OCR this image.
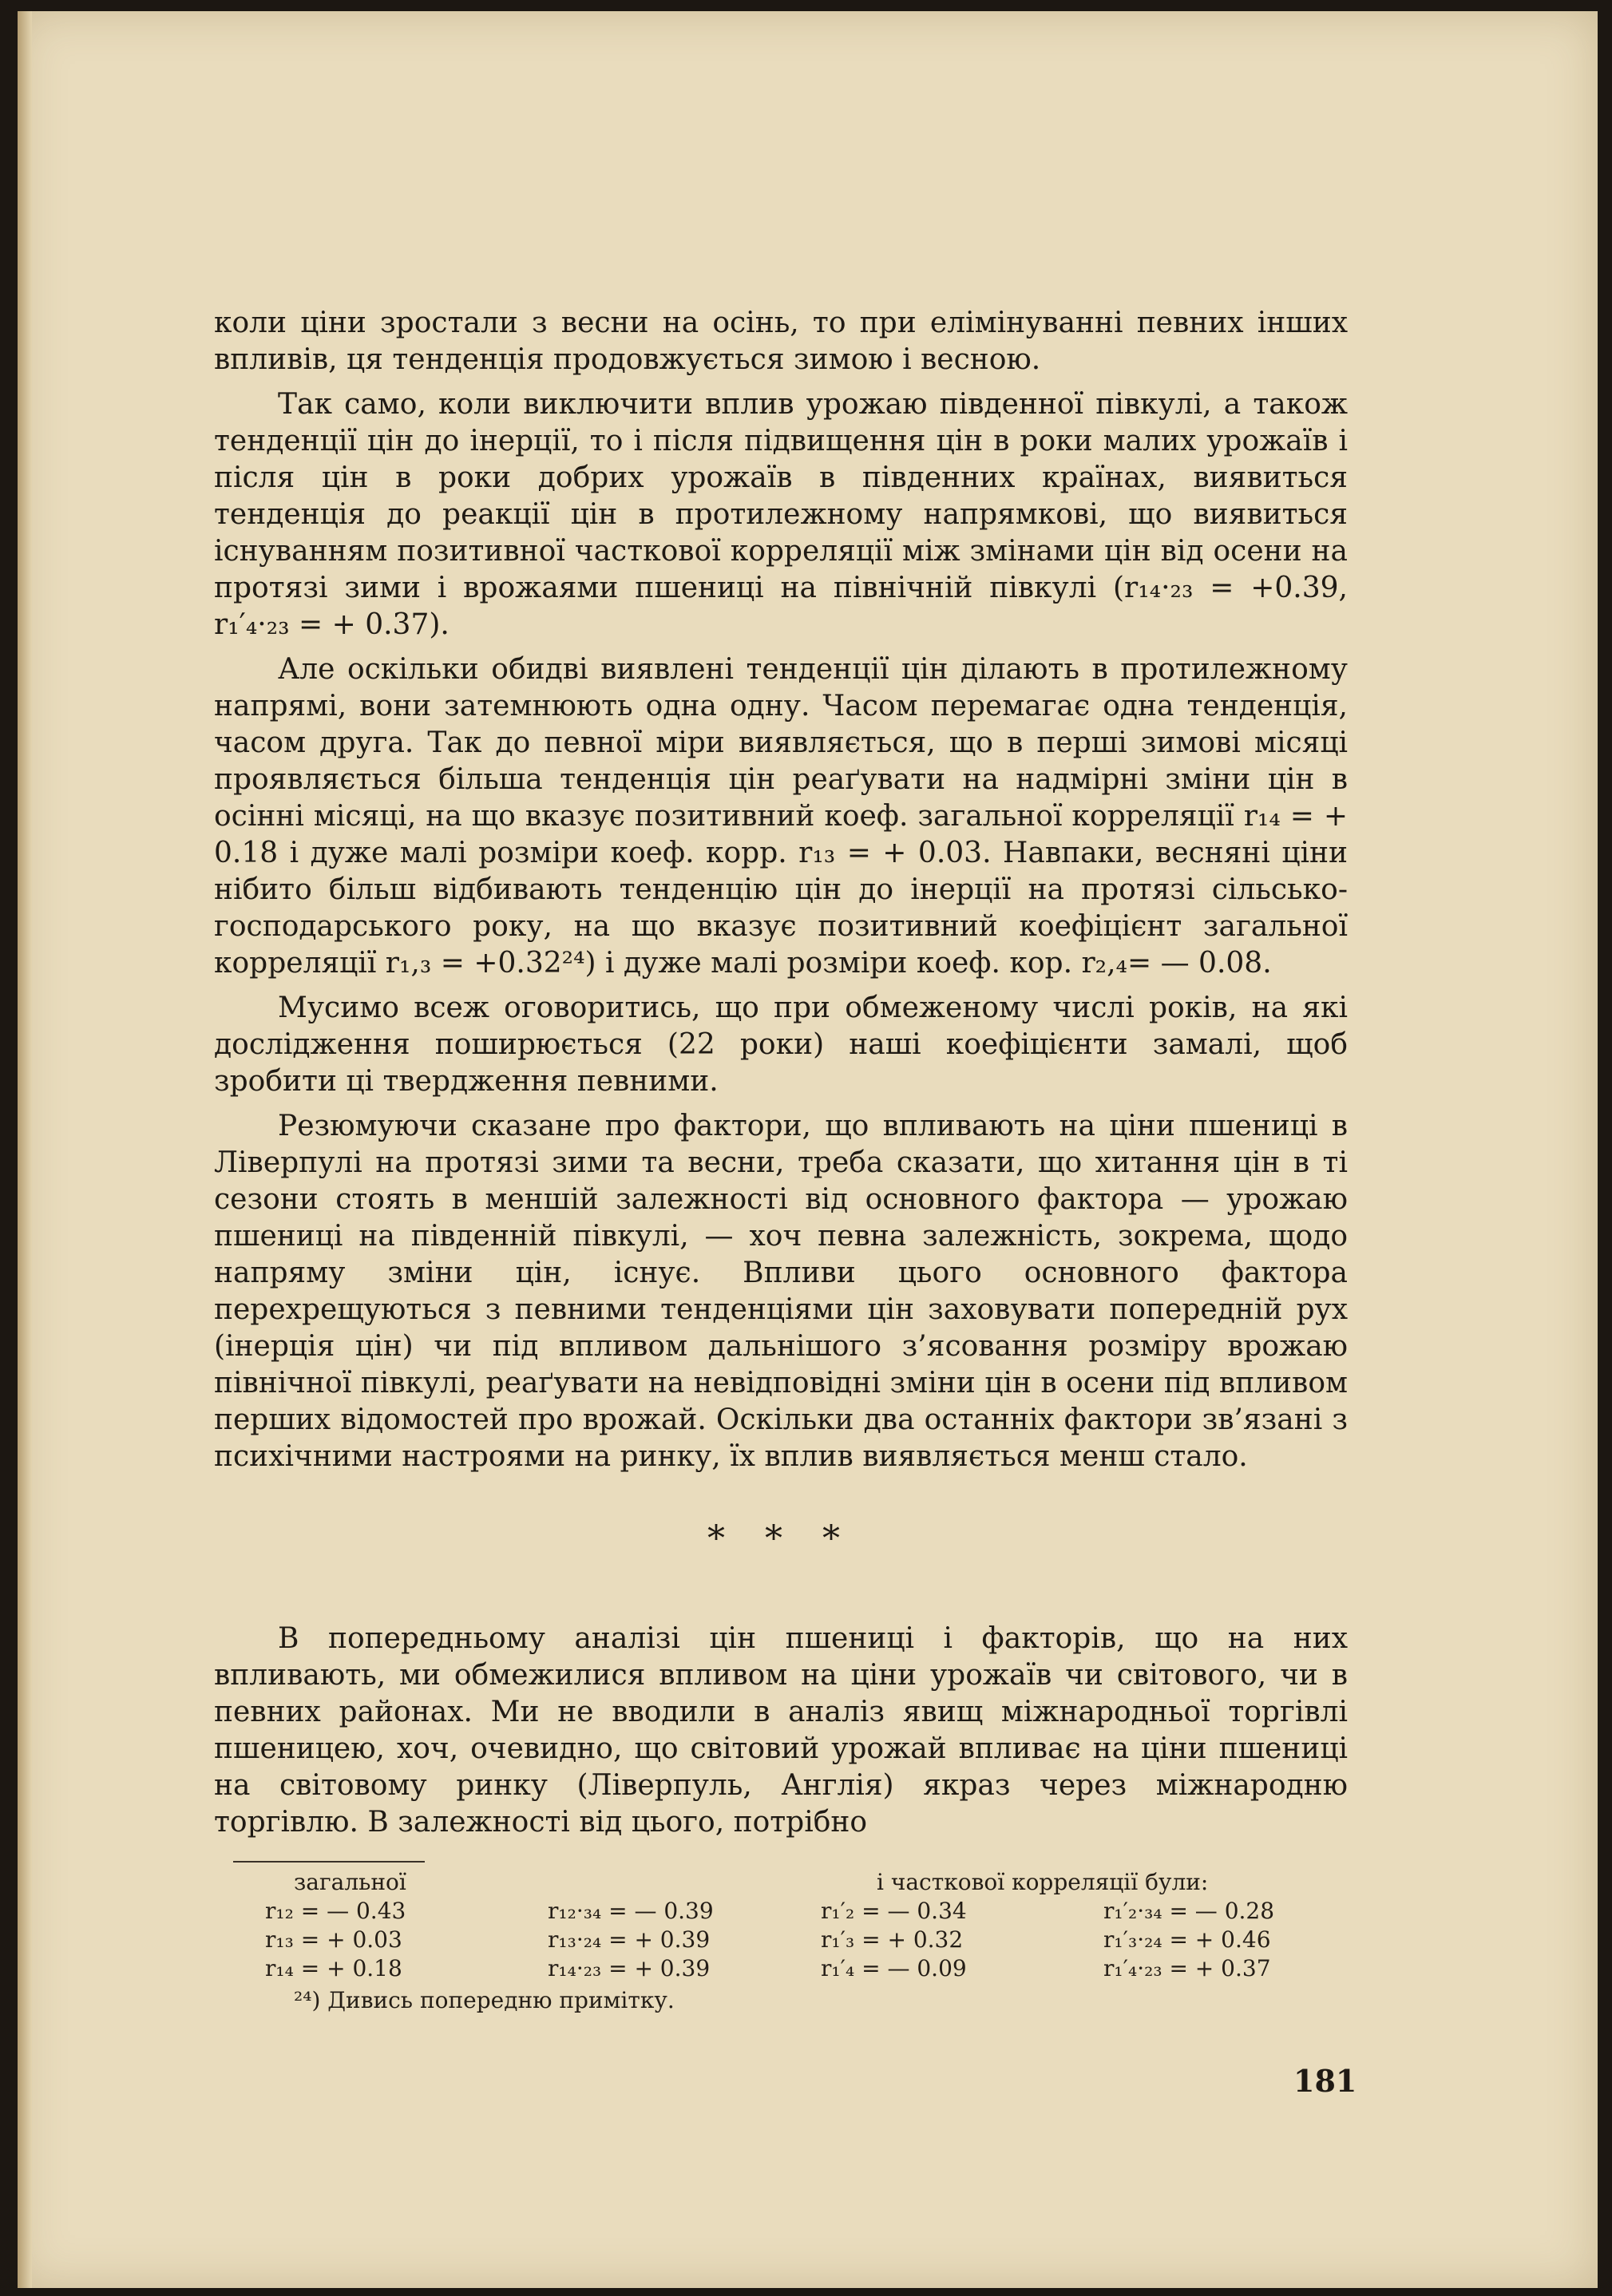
коли ціни зростали з весни на осінь, то при елімінуванні певних інших впливів, ця тенденція продовжується зимою і весною.

Так само, коли виключити вплив урожаю південної півкулі, а також тенденції цін до інерції, то і після підвищення цін в роки малих урожаїв і після цін в роки добрих урожаїв в південних країнах, виявиться тенденція до реакції цін в протилежному напрямкові, що виявиться існуванням позитивної часткової корреляції між змінами цін від осени на протязі зими і врожаями пшениці на північній півкулі (r₁₄·₂₃ = +0.39, r₁′₄·₂₃ = + 0.37).

Але оскільки обидві виявлені тенденції цін ділають в протилежному напрямі, вони затемнюють одна одну. Часом перемагає одна тенденція, часом друга. Так до певної міри виявляється, що в перші зимові місяці проявляється більша тенденція цін реаґувати на надмірні зміни цін в осінні місяці, на що вказує позитивний коеф. загальної корреляції r₁₄ = + 0.18 і дуже малі розміри коеф. корр. r₁₃ = + 0.03. Навпаки, весняні ціни нібито більш відбивають тенденцію цін до інерції на протязі сільсько-господарського року, на що вказує позитивний коефіцієнт загальної корреляції r₁,₃ = +0.32²⁴) і дуже малі розміри коеф. кор. r₂,₄= — 0.08.

Мусимо всеж оговоритись, що при обмеженому числі років, на які дослідження поширюється (22 роки) наші коефіцієнти замалі, щоб зробити ці твердження певними.

Резюмуючи сказане про фактори, що впливають на ціни пшениці в Ліверпулі на протязі зими та весни, треба сказати, що хитання цін в ті сезони стоять в меншій залежності від основного фактора — урожаю пшениці на південній півкулі, — хоч певна залежність, зокрема, щодо напряму зміни цін, існує. Впливи цього основного фактора перехрещуються з певними тенденціями цін заховувати попередній рух (інерція цін) чи під впливом дальнішого з’ясовання розміру врожаю північної півкулі, реаґувати на невідповідні зміни цін в осени під впливом перших відомостей про врожай. Оскільки два останніх фактори зв’язані з психічними настроями на ринку, їх вплив виявляється менш стало.

* * *

В попередньому аналізі цін пшениці і факторів, що на них впливають, ми обмежилися впливом на ціни урожаїв чи світового, чи в певних районах. Ми не вводили в аналіз явищ міжнародньої торгівлі пшеницею, хоч, очевидно, що світовий урожай впливає на ціни пшениці на світовому ринку (Ліверпуль, Англія) якраз через міжнародню торгівлю. В залежності від цього, потрібно

загальної	і часткової корреляції були:
r₁₂ = — 0.43
r₁₃ = + 0.03
r₁₄ = + 0.18
r₁₂·₃₄ = — 0.39
r₁₃·₂₄ = + 0.39
r₁₄·₂₃ = + 0.39
r₁′₂ = — 0.34
r₁′₃ = + 0.32
r₁′₄ = — 0.09
r₁′₂·₃₄ = — 0.28
r₁′₃·₂₄ = + 0.46
r₁′₄·₂₃ = + 0.37
²⁴) Дивись попередню примітку.
181
